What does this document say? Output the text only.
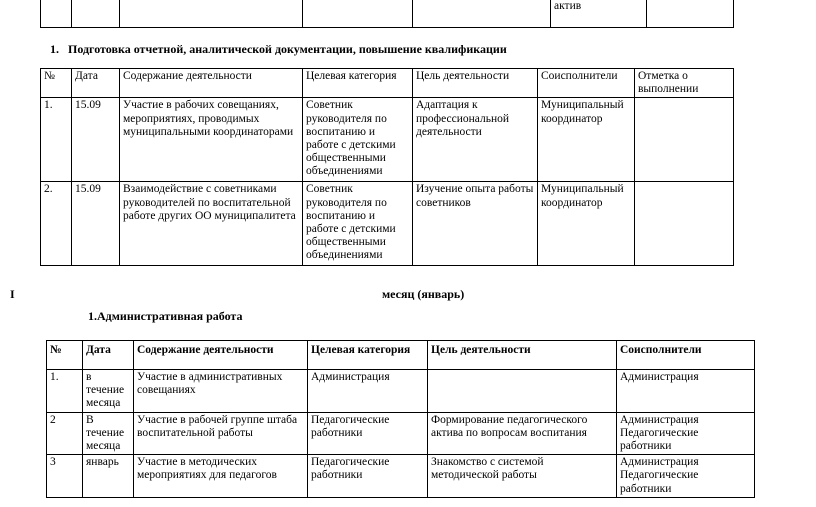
					актив	
1. Подготовка отчетной, аналитической документации, повышение квалификации
№	Дата	Содержание деятельности	Целевая категория	Цель деятельности	Соисполнители	Отметка о выполнении
1.	15.09	Участие в рабочих совещаниях, мероприятиях, проводимых муниципальными координаторами	Советник руководителя по воспитанию и работе с детскими общественными объединениями	Адаптация к профессиональной деятельности	Муниципальный координатор	
2.	15.09	Взаимодействие с советниками руководителей по воспитательной работе других ОО муниципалитета	Советник руководителя по воспитанию и работе с детскими общественными объединениями	Изучение опыта работы советников	Муниципальный координатор	
I	месяц (январь)
1.Административная работа
№	Дата	Содержание деятельности	Целевая категория	Цель деятельности	Соисполнители
1.	в течение месяца	Участие в административных совещаниях	Администрация		Администрация
2	В течение месяца	Участие в рабочей группе штаба воспитательной работы	Педагогические работники	Формирование педагогического актива по вопросам воспитания	Администрация Педагогические работники
3	январь	Участие в методических мероприятиях для педагогов	Педагогические работники	Знакомство с системой методической работы	Администрация Педагогические работники
